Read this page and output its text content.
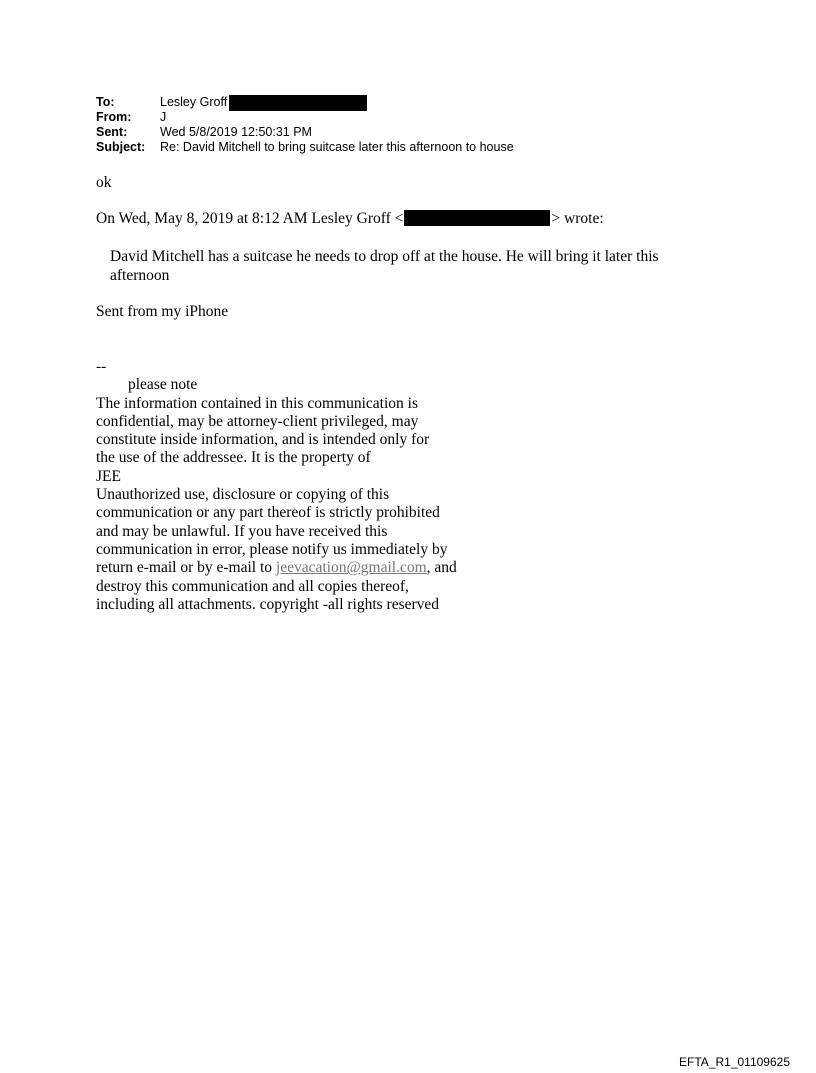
To:	Lesley Groff
From:	J
Sent:	Wed 5/8/2019 12:50:31 PM
Subject:	Re: David Mitchell to bring suitcase later this afternoon to house
ok
On Wed, May 8, 2019 at 8:12 AM Lesley Groff <	> wrote:
David Mitchell has a suitcase he needs to drop off at the house. He will bring it later this afternoon
Sent from my iPhone
--
please note
The information contained in this communication is
confidential, may be attorney-client privileged, may
constitute inside information, and is intended only for
the use of the addressee. It is the property of
JEE
Unauthorized use, disclosure or copying of this
communication or any part thereof is strictly prohibited
and may be unlawful. If you have received this
communication in error, please notify us immediately by
return e-mail or by e-mail to jeevacation@gmail.com, and
destroy this communication and all copies thereof,
including all attachments. copyright -all rights reserved
EFTA_R1_01109625
